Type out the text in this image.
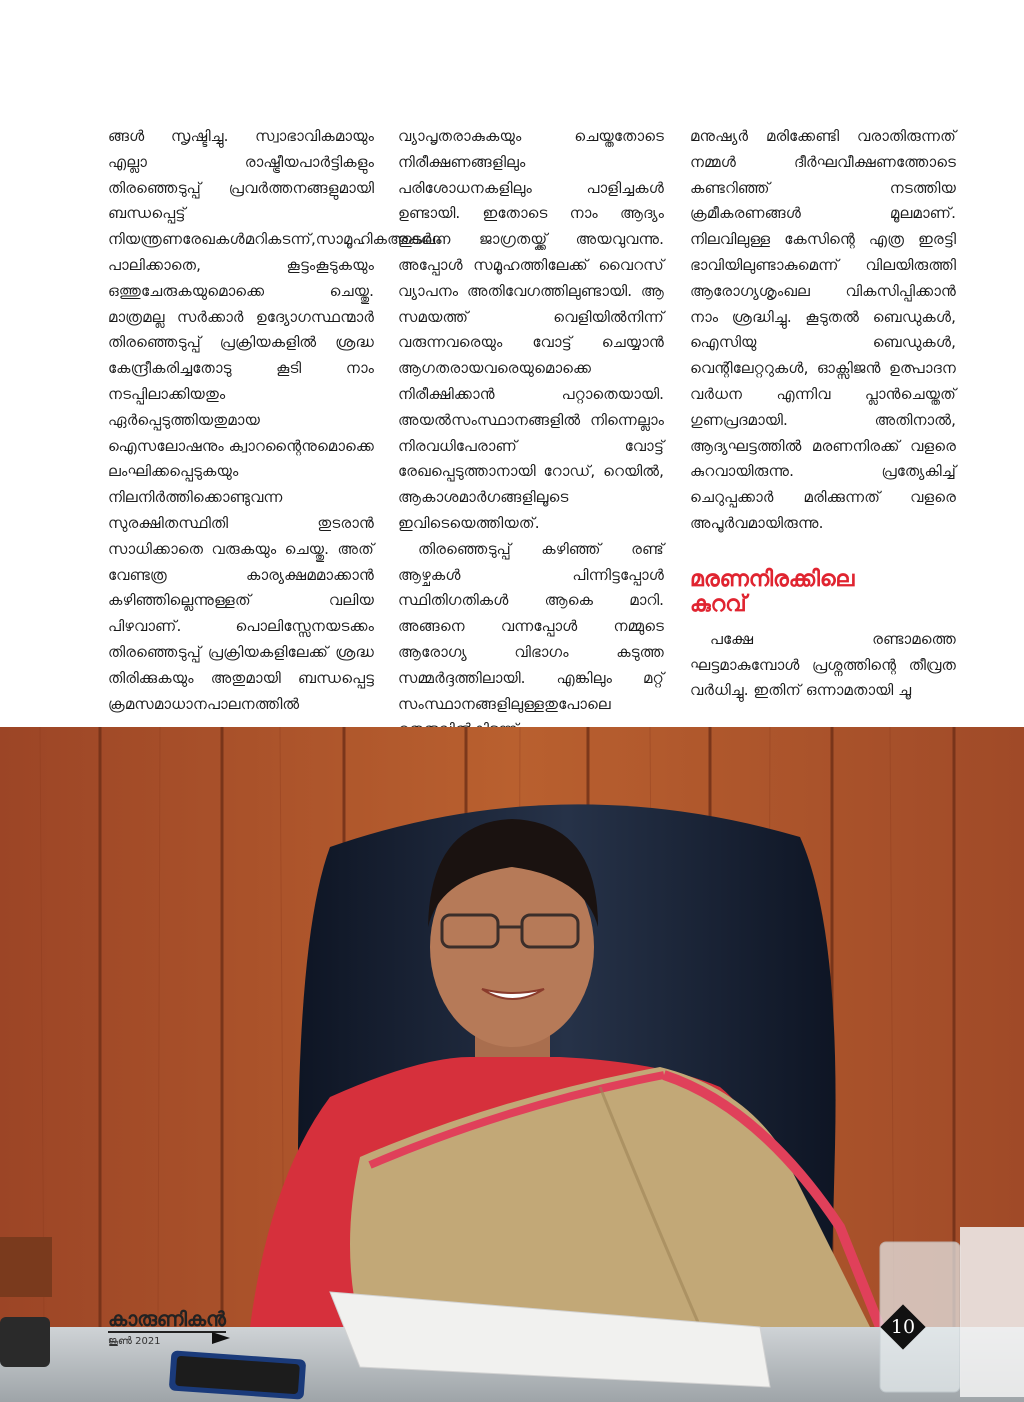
ങ്ങൾ സൃഷ്ടിച്ചു. സ്വാഭാവികമായും എല്ലാ രാഷ്ട്രീയപാർട്ടികളും തിരഞ്ഞെടുപ്പ് പ്രവർത്തനങ്ങളുമായി ബന്ധപ്പെട്ട് നിയന്ത്രണരേഖകൾമറികടന്ന്,സാമൂഹികഅകലം പാലിക്കാതെ, കൂട്ടംകൂടുകയും ഒത്തുചേരുകയുമൊക്കെ ചെയ്തു. മാത്രമല്ല സർക്കാർ ഉദ്യോഗസ്ഥന്മാർ തിരഞ്ഞെടുപ്പ് പ്രക്രിയകളിൽ ശ്രദ്ധ കേന്ദ്രീകരിച്ചതോടു കൂടി നാം നടപ്പിലാക്കിയതും ഏർപ്പെടുത്തിയതുമായ ഐസലോഷനും ക്വാറന്റൈനുമൊക്കെ ലംഘിക്കപ്പെടുകയും നിലനിർത്തിക്കൊണ്ടുവന്ന സുരക്ഷിതസ്ഥിതി തുടരാൻ സാധിക്കാതെ വരുകയും ചെയ്തു. അത് വേണ്ടത്ര കാര്യക്ഷമമാക്കാൻ കഴിഞ്ഞില്ലെന്നുള്ളത് വലിയ പിഴവാണ്. പൊലിസ്സേനയടക്കം തിരഞ്ഞെടുപ്പ് പ്രക്രിയകളിലേക്ക് ശ്രദ്ധ തിരിക്കുകയും അതുമായി ബന്ധപ്പെട്ട ക്രമസമാധാനപാലനത്തിൽ

വ്യാപൃതരാകുകയും ചെയ്തതോടെ നിരീക്ഷണങ്ങളിലും പരിശോധനകളിലും പാളിച്ചകൾ ഉണ്ടായി. ഇതോടെ നാം ആദ്യം തുടർന്ന ജാഗ്രതയ്ക്ക് അയവുവന്നു. അപ്പോൾ സമൂഹത്തിലേക്ക് വൈറസ് വ്യാപനം അതിവേഗത്തിലുണ്ടായി. ആ സമയത്ത് വെളിയിൽനിന്ന് വരുന്നവരെയും വോട്ട് ചെയ്യാൻ ആഗതരായവരെയുമൊക്കെ നിരീക്ഷിക്കാൻ പറ്റാതെയായി. അയൽസംസ്ഥാനങ്ങളിൽ നിന്നെല്ലാം നിരവധിപേരാണ് വോട്ട് രേഖപ്പെടുത്താനായി റോഡ്, റെയിൽ, ആകാശമാർഗങ്ങളിലൂടെ ഇവിടെയെത്തിയത്.

തിരഞ്ഞെടുപ്പ് കഴിഞ്ഞ് രണ്ട് ആഴ്ചകൾ പിന്നിട്ടപ്പോൾ സ്ഥിതിഗതികൾ ആകെ മാറി. അങ്ങനെ വന്നപ്പോൾ നമ്മുടെ ആരോഗ്യ വിഭാഗം കടുത്ത സമ്മർദ്ദത്തിലായി. എങ്കിലും മറ്റ് സംസ്ഥാനങ്ങളിലുള്ളതുപോലെ

മനുഷ്യർ മരിക്കേണ്ടി വരാതിരുന്നത് നമ്മൾ ദീർഘവീക്ഷണത്തോടെ കണ്ടറിഞ്ഞ് നടത്തിയ ക്രമീകരണങ്ങൾ മൂലമാണ്. നിലവിലുള്ള കേസിന്റെ എത്ര ഇരട്ടി ഭാവിയിലുണ്ടാകുമെന്ന് വിലയിരുത്തി ആരോഗ്യശൃംഖല വികസിപ്പിക്കാൻ നാം ശ്രദ്ധിച്ചു. കൂടുതൽ ബെഡുകൾ, ഐസിയു ബെഡുകൾ, വെന്റിലേറ്ററുകൾ, ഓക്സിജൻ ഉത്പാദന വർധന എന്നിവ പ്ലാൻചെയ്തത് ഗുണപ്രദമായി. അതിനാൽ, ആദ്യഘട്ടത്തിൽ മരണനിരക്ക് വളരെ കുറവായിരുന്നു. പ്രത്യേകിച്ച് ചെറുപ്പക്കാർ മരിക്കുന്നത് വളരെ അപൂർവമായിരുന്നു.

മരണനിരക്കിലെ
കുറവ്

പക്ഷേ രണ്ടാമത്തെ ഘട്ടമാകുമ്പോൾ പ്രശ്നത്തിന്റെ തീവ്രത വർധിച്ചു. ഇതിന് ഒന്നാമതായി ചൂ

കാരുണികൻ
ജൂൺ 2021
10
